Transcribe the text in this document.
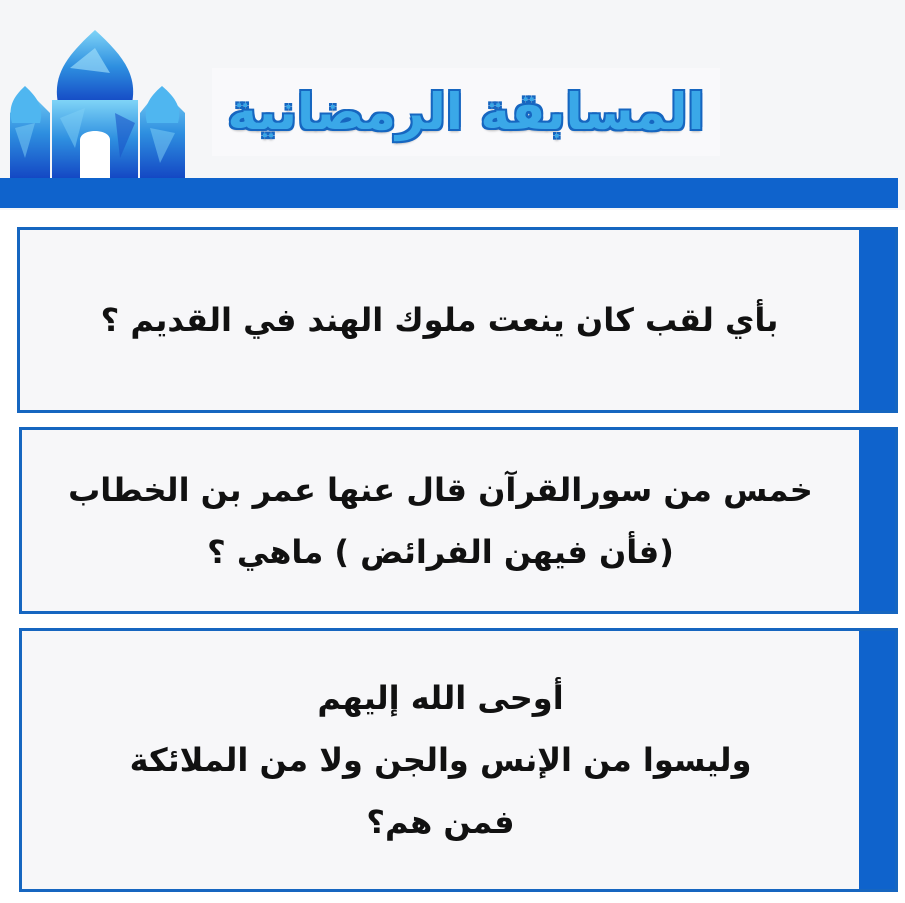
المسابقة الرمضانية
بأي لقب كان ينعت ملوك الهند في القديم ؟
خمس من سورالقرآن قال عنها عمر بن الخطاب
(فأن فيهن الفرائض ) ماهي ؟
أوحى الله إليهم
وليسوا من الإنس والجن ولا من الملائكة
فمن هم؟
